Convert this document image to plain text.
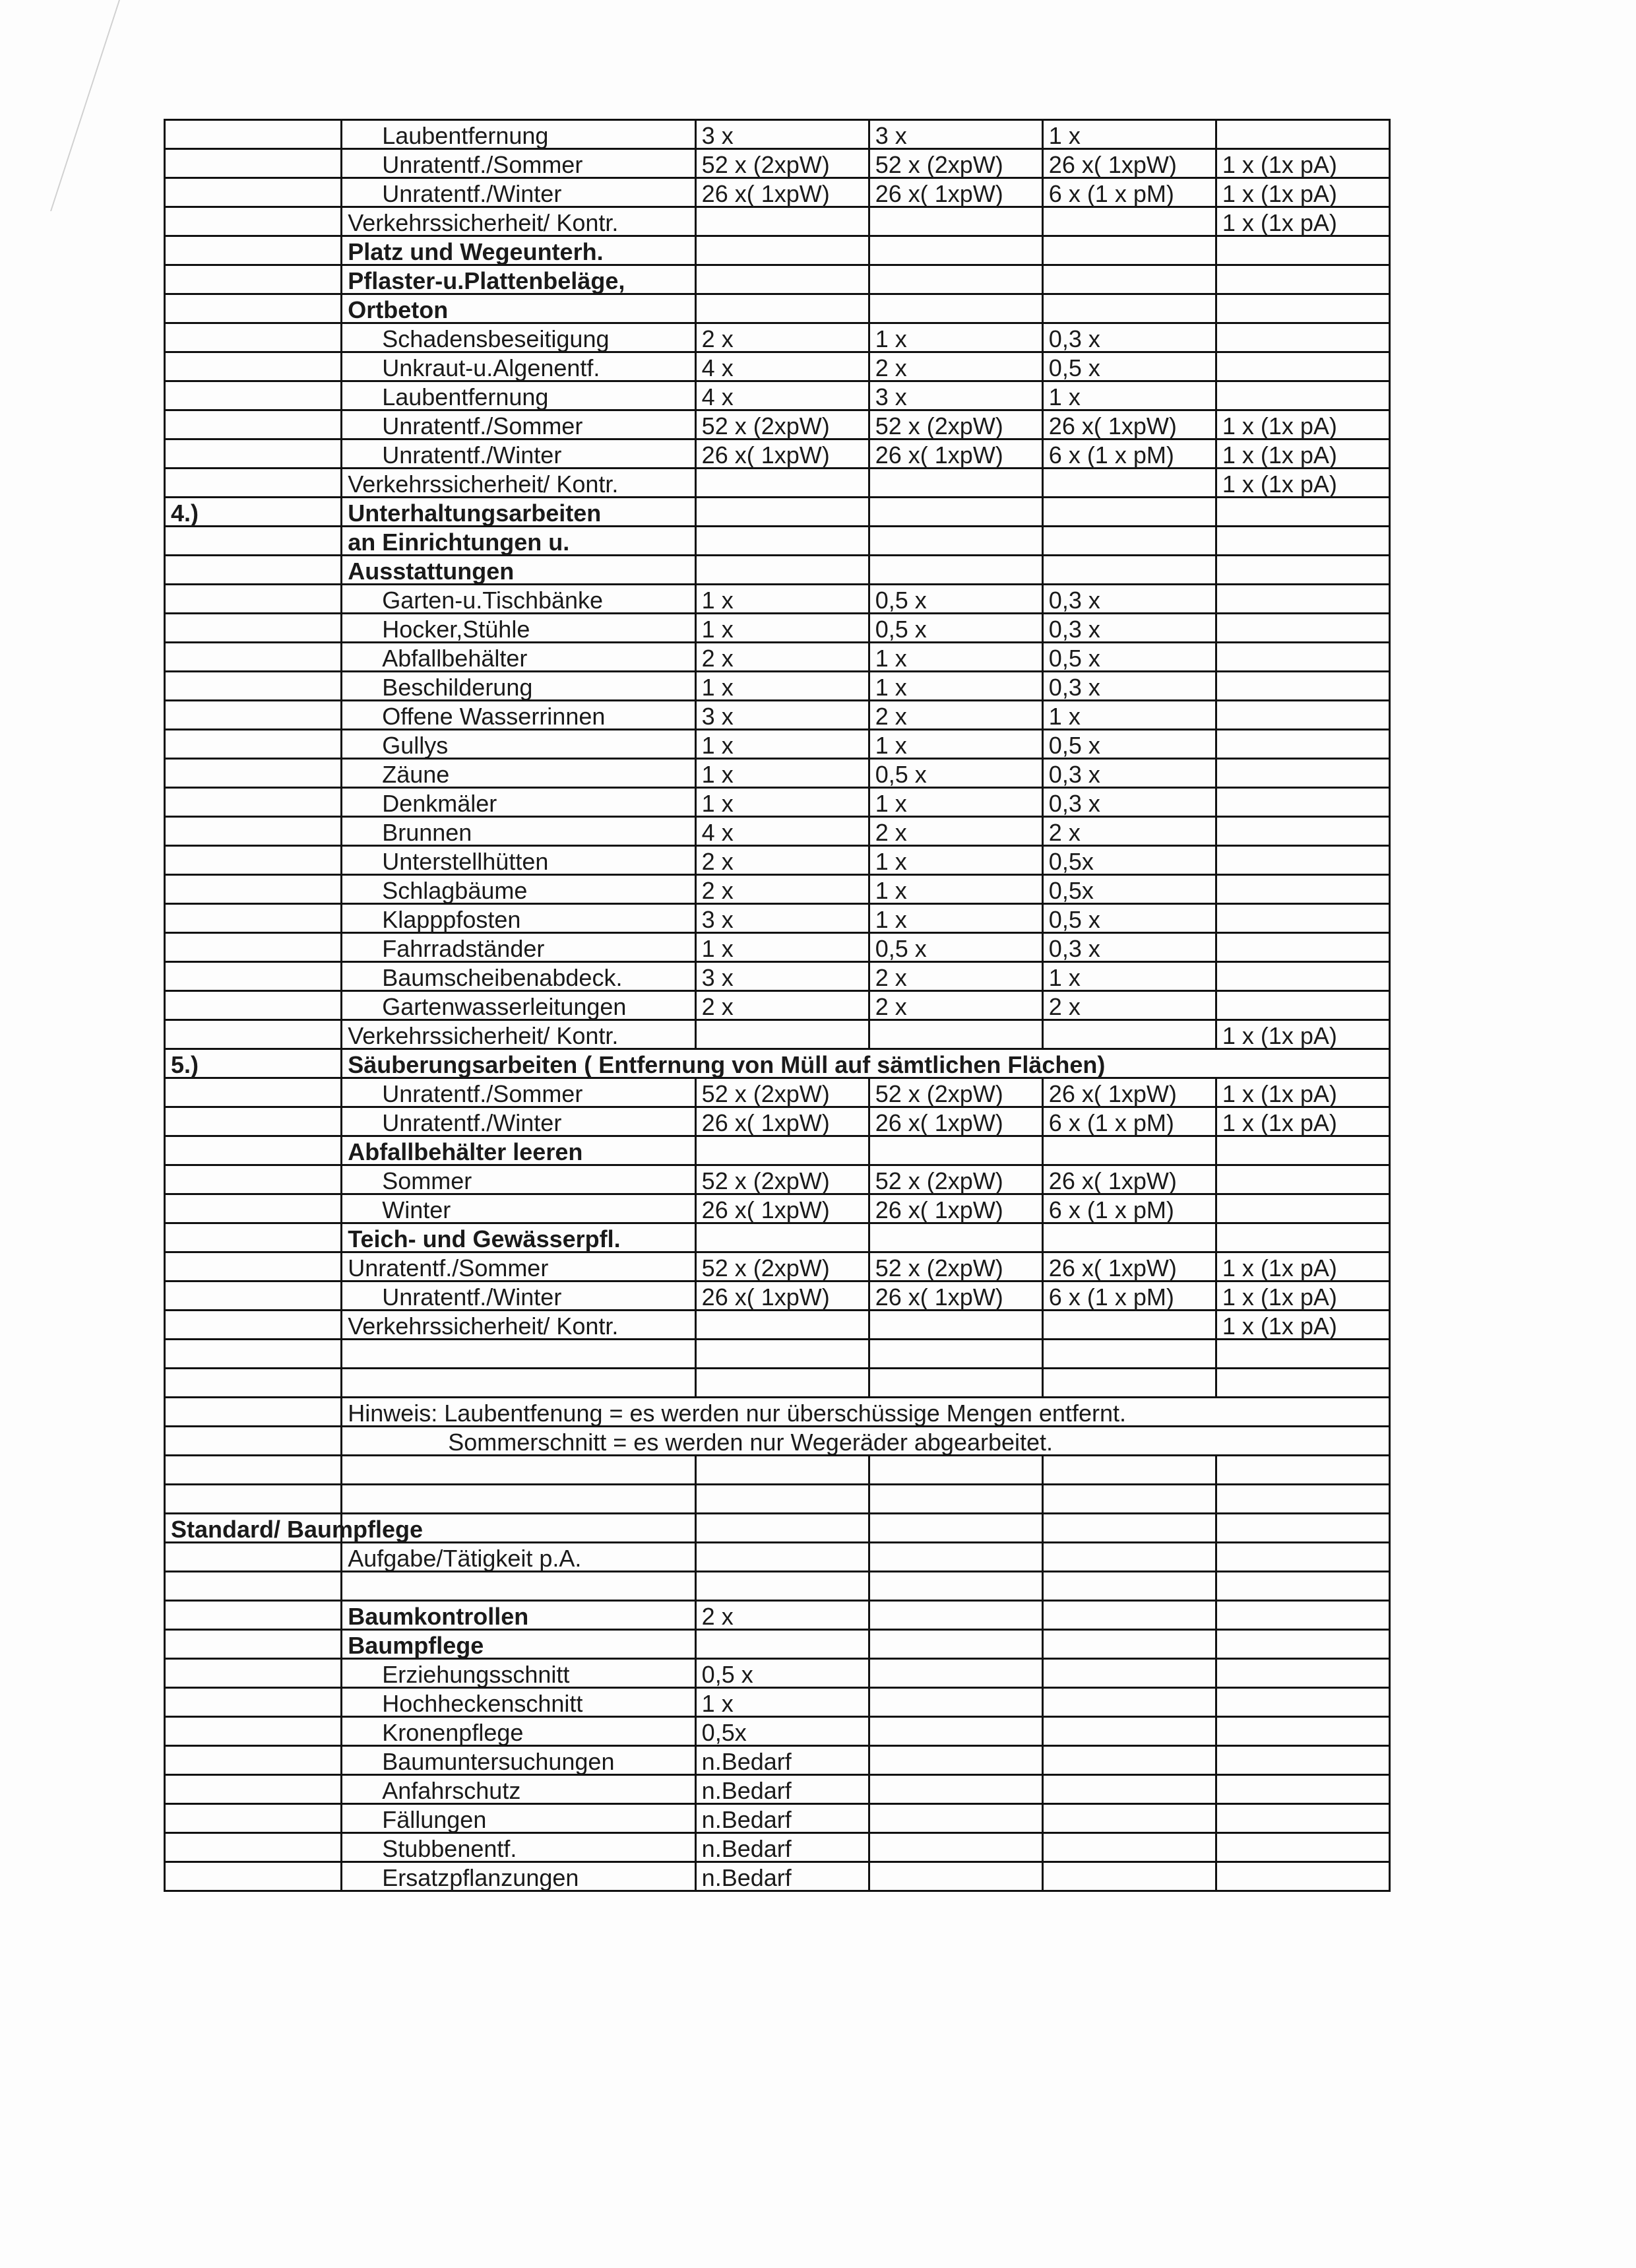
	Laubentfernung	3 x	3 x	1 x	
	Unratentf./Sommer	52 x (2xpW)	52 x (2xpW)	26 x( 1xpW)	1 x (1x pA)
	Unratentf./Winter	26 x( 1xpW)	26 x( 1xpW)	6 x (1 x pM)	1 x (1x pA)
	Verkehrssicherheit/ Kontr.				1 x (1x pA)
	Platz und Wegeunterh.				
	Pflaster-u.Plattenbeläge,				
	Ortbeton				
	Schadensbeseitigung	2 x	1 x	0,3 x	
	Unkraut-u.Algenentf.	4 x	2 x	0,5 x	
	Laubentfernung	4 x	3 x	1 x	
	Unratentf./Sommer	52 x (2xpW)	52 x (2xpW)	26 x( 1xpW)	1 x (1x pA)
	Unratentf./Winter	26 x( 1xpW)	26 x( 1xpW)	6 x (1 x pM)	1 x (1x pA)
	Verkehrssicherheit/ Kontr.				1 x (1x pA)
4.)	Unterhaltungsarbeiten				
	an Einrichtungen u.				
	Ausstattungen				
	Garten-u.Tischbänke	1 x	0,5 x	0,3 x	
	Hocker,Stühle	1 x	0,5 x	0,3 x	
	Abfallbehälter	2 x	1 x	0,5 x	
	Beschilderung	1 x	1 x	0,3 x	
	Offene Wasserrinnen	3 x	2 x	1 x	
	Gullys	1 x	1 x	0,5 x	
	Zäune	1 x	0,5 x	0,3 x	
	Denkmäler	1 x	1 x	0,3 x	
	Brunnen	4 x	2 x	2 x	
	Unterstellhütten	2 x	1 x	0,5x	
	Schlagbäume	2 x	1 x	0,5x	
	Klapppfosten	3 x	1 x	0,5 x	
	Fahrradständer	1 x	0,5 x	0,3 x	
	Baumscheibenabdeck.	3 x	2 x	1 x	
	Gartenwasserleitungen	2 x	2 x	2 x	
	Verkehrssicherheit/ Kontr.				1 x (1x pA)
5.)	Säuberungsarbeiten ( Entfernung von Müll auf sämtlichen Flächen)				
	Unratentf./Sommer	52 x (2xpW)	52 x (2xpW)	26 x( 1xpW)	1 x (1x pA)
	Unratentf./Winter	26 x( 1xpW)	26 x( 1xpW)	6 x (1 x pM)	1 x (1x pA)
	Abfallbehälter leeren				
	Sommer	52 x (2xpW)	52 x (2xpW)	26 x( 1xpW)	
	Winter	26 x( 1xpW)	26 x( 1xpW)	6 x (1 x pM)	
	Teich- und Gewässerpfl.				
	Unratentf./Sommer	52 x (2xpW)	52 x (2xpW)	26 x( 1xpW)	1 x (1x pA)
	Unratentf./Winter	26 x( 1xpW)	26 x( 1xpW)	6 x (1 x pM)	1 x (1x pA)
	Verkehrssicherheit/ Kontr.				1 x (1x pA)

	Hinweis: Laubentfenung = es werden nur überschüssige Mengen entfernt.				
	Sommerschnitt = es werden nur Wegeräder abgearbeitet.				

Standard/ Baumpflege					
	Aufgabe/Tätigkeit p.A.				

	Baumkontrollen	2 x			
	Baumpflege				
	Erziehungsschnitt	0,5 x			
	Hochheckenschnitt	1 x			
	Kronenpflege	0,5x			
	Baumuntersuchungen	n.Bedarf			
	Anfahrschutz	n.Bedarf			
	Fällungen	n.Bedarf			
	Stubbenentf.	n.Bedarf			
	Ersatzpflanzungen	n.Bedarf			
